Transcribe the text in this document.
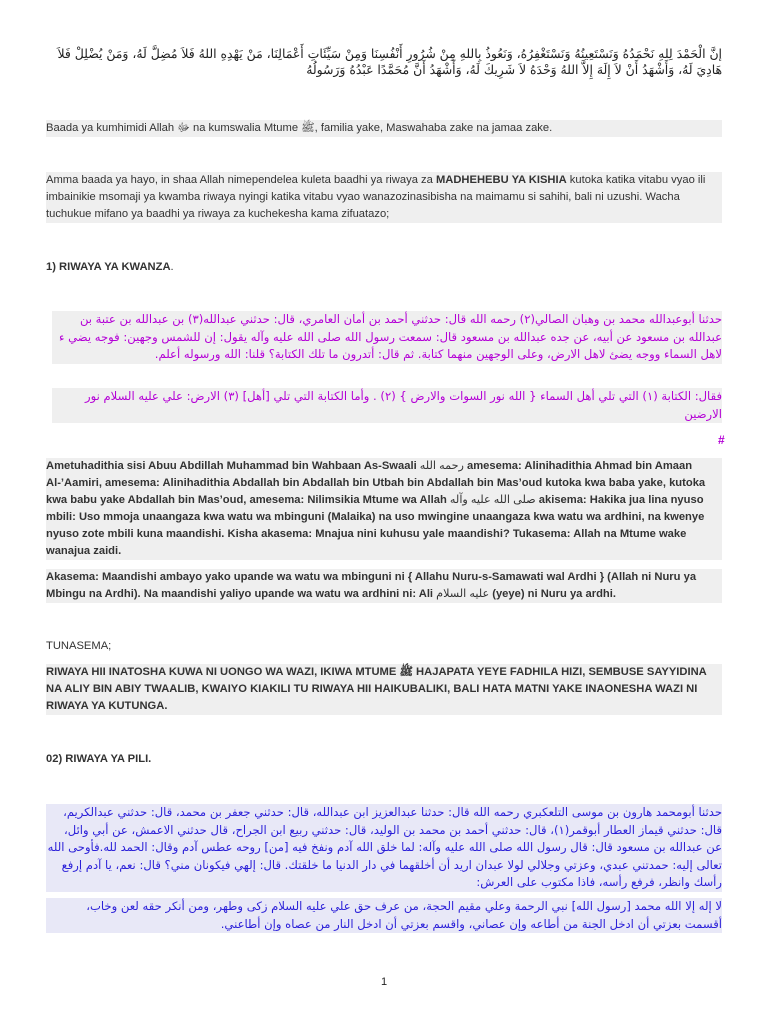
إنَّ الْحَمْدَ لِلهِ نَحْمَدُهُ وَنَسْتَعِينُهُ وَنَسْتَغْفِرُهُ، وَنَعُوذُ بِاللهِ مِنْ شُرُورِ أَنْفُسِنَا وَمِنْ سَيِّئَاتِ أَعْمَالِنَا، مَنْ يَهْدِهِ اللهُ فَلاَ مُضِلَّ لَهُ، وَمَنْ يُضْلِلْ فَلاَ هَادِيَ لَهُ، وَأَشْهَدُ أَنْ لاَ إِلَهَ إِلاَّ اللهُ وَحْدَهُ لاَ شَرِيكَ لَهُ، وَأَشْهَدُ أَنَّ مُحَمَّدًا عَبْدُهُ وَرَسُولُهُ

Baada ya kumhimidi Allah ﷻ na kumswalia Mtume ﷺ, familia yake, Maswahaba zake na jamaa zake.

Amma baada ya hayo, in shaa Allah nimependelea kuleta baadhi ya riwaya za MADHEHEBU YA KISHIA kutoka katika vitabu vyao ili imbainikie msomaji ya kwamba riwaya nyingi katika vitabu vyao wanazozinasibisha na maimamu si sahihi, bali ni uzushi. Wacha tuchukue mifano ya baadhi ya riwaya za kuchekesha kama zifuatazo;

1) RIWAYA YA KWANZA.

حدثنا أبوعبدالله محمد بن وهبان الصالي(٢) رحمه الله قال: حدثني أحمد بن أمان العامري، قال: حدثني عبدالله(٣) بن عبدالله بن عتبة بن عبدالله بن مسعود عن أبيه، عن جده عبدالله بن مسعود قال: سمعت رسول الله صلى الله عليه وآله يقول: إن للشمس وجهين: فوجه يضي ء لاهل السماء ووجه يضئ لاهل الارض، وعلى الوجهين منهما كتابة. ثم قال: أتدرون ما تلك الكتابة؟ قلنا: الله ورسوله أعلم.

فقال: الكتابة (١) التي تلي أهل السماء { الله نور السوات والارض } (٢) . وأما الكتابة التي تلي [أهل] (٣) الارض: علي عليه السلام نور الارضين

#

Ametuhadithia sisi Abuu Abdillah Muhammad bin Wahbaan As-Swaali رحمه الله amesema: Alinihadithia Ahmad bin Amaan Al-’Aamiri, amesema: Alinihadithia Abdallah bin Abdallah bin Utbah bin Abdallah bin Mas’oud kutoka kwa baba yake, kutoka kwa babu yake Abdallah bin Mas’oud, amesema: Nilimsikia Mtume wa Allah صلى الله عليه وآله akisema: Hakika jua lina nyuso mbili: Uso mmoja unaangaza kwa watu wa mbinguni (Malaika) na uso mwingine unaangaza kwa watu wa ardhini, na kwenye nyuso zote mbili kuna maandishi. Kisha akasema: Mnajua nini kuhusu yale maandishi? Tukasema: Allah na Mtume wake wanajua zaidi.

Akasema: Maandishi ambayo yako upande wa watu wa mbinguni ni { Allahu Nuru-s-Samawati wal Ardhi } (Allah ni Nuru ya Mbingu na Ardhi). Na maandishi yaliyo upande wa watu wa ardhini ni: Ali عليه السلام (yeye) ni Nuru ya ardhi.

TUNASEMA;

RIWAYA HII INATOSHA KUWA NI UONGO WA WAZI, IKIWA MTUME ﷺ HAJAPATA YEYE FADHILA HIZI, SEMBUSE SAYYIDINA NA ALIY BIN ABIY TWAALIB, KWAIYO KIAKILI TU RIWAYA HII HAIKUBALIKI, BALI HATA MATNI YAKE INAONESHA WAZI NI RIWAYA YA KUTUNGA.

02) RIWAYA YA PILI.

حدثنا أبومحمد هارون بن موسى التلعكبري رحمه الله قال: حدثنا عبدالعزيز ابن عبدالله، قال: حدثني جعفر بن محمد، قال: حدثني عبدالكريم، قال: حدثني قيماز العطار أبوقمر(١)، قال: حدثني أحمد بن محمد بن الوليد، قال: حدثني ربيع ابن الجراح، قال حدثني الاعمش، عن أبي وائل، عن عبدالله بن مسعود قال: قال رسول الله صلى الله عليه وآله: لما خلق الله آدم ونفخ فيه [من] روحه عطس آدم وقال: الحمد لله.فأوحى الله تعالى إليه: حمدتني عبدي، وعزتي وجلالي لولا عبدان اريد أن أخلقهما في دار الدنيا ما خلقتك. قال: إلهي فيكونان مني؟ قال: نعم، يا آدم إرفع رأسك وانظر، فرفع رأسه، فاذا مكتوب على العرش:

لا إله إلا الله محمد [رسول الله] نبي الرحمة وعلي مقيم الحجة، من عرف حق علي عليه السلام زكى وطهر، ومن أنكر حقه لعن وخاب، أقسمت بعزتي أن ادخل الجنة من أطاعه وإن عصاني، واقسم بعزتي أن ادخل النار من عصاه وإن أطاعني.

1
